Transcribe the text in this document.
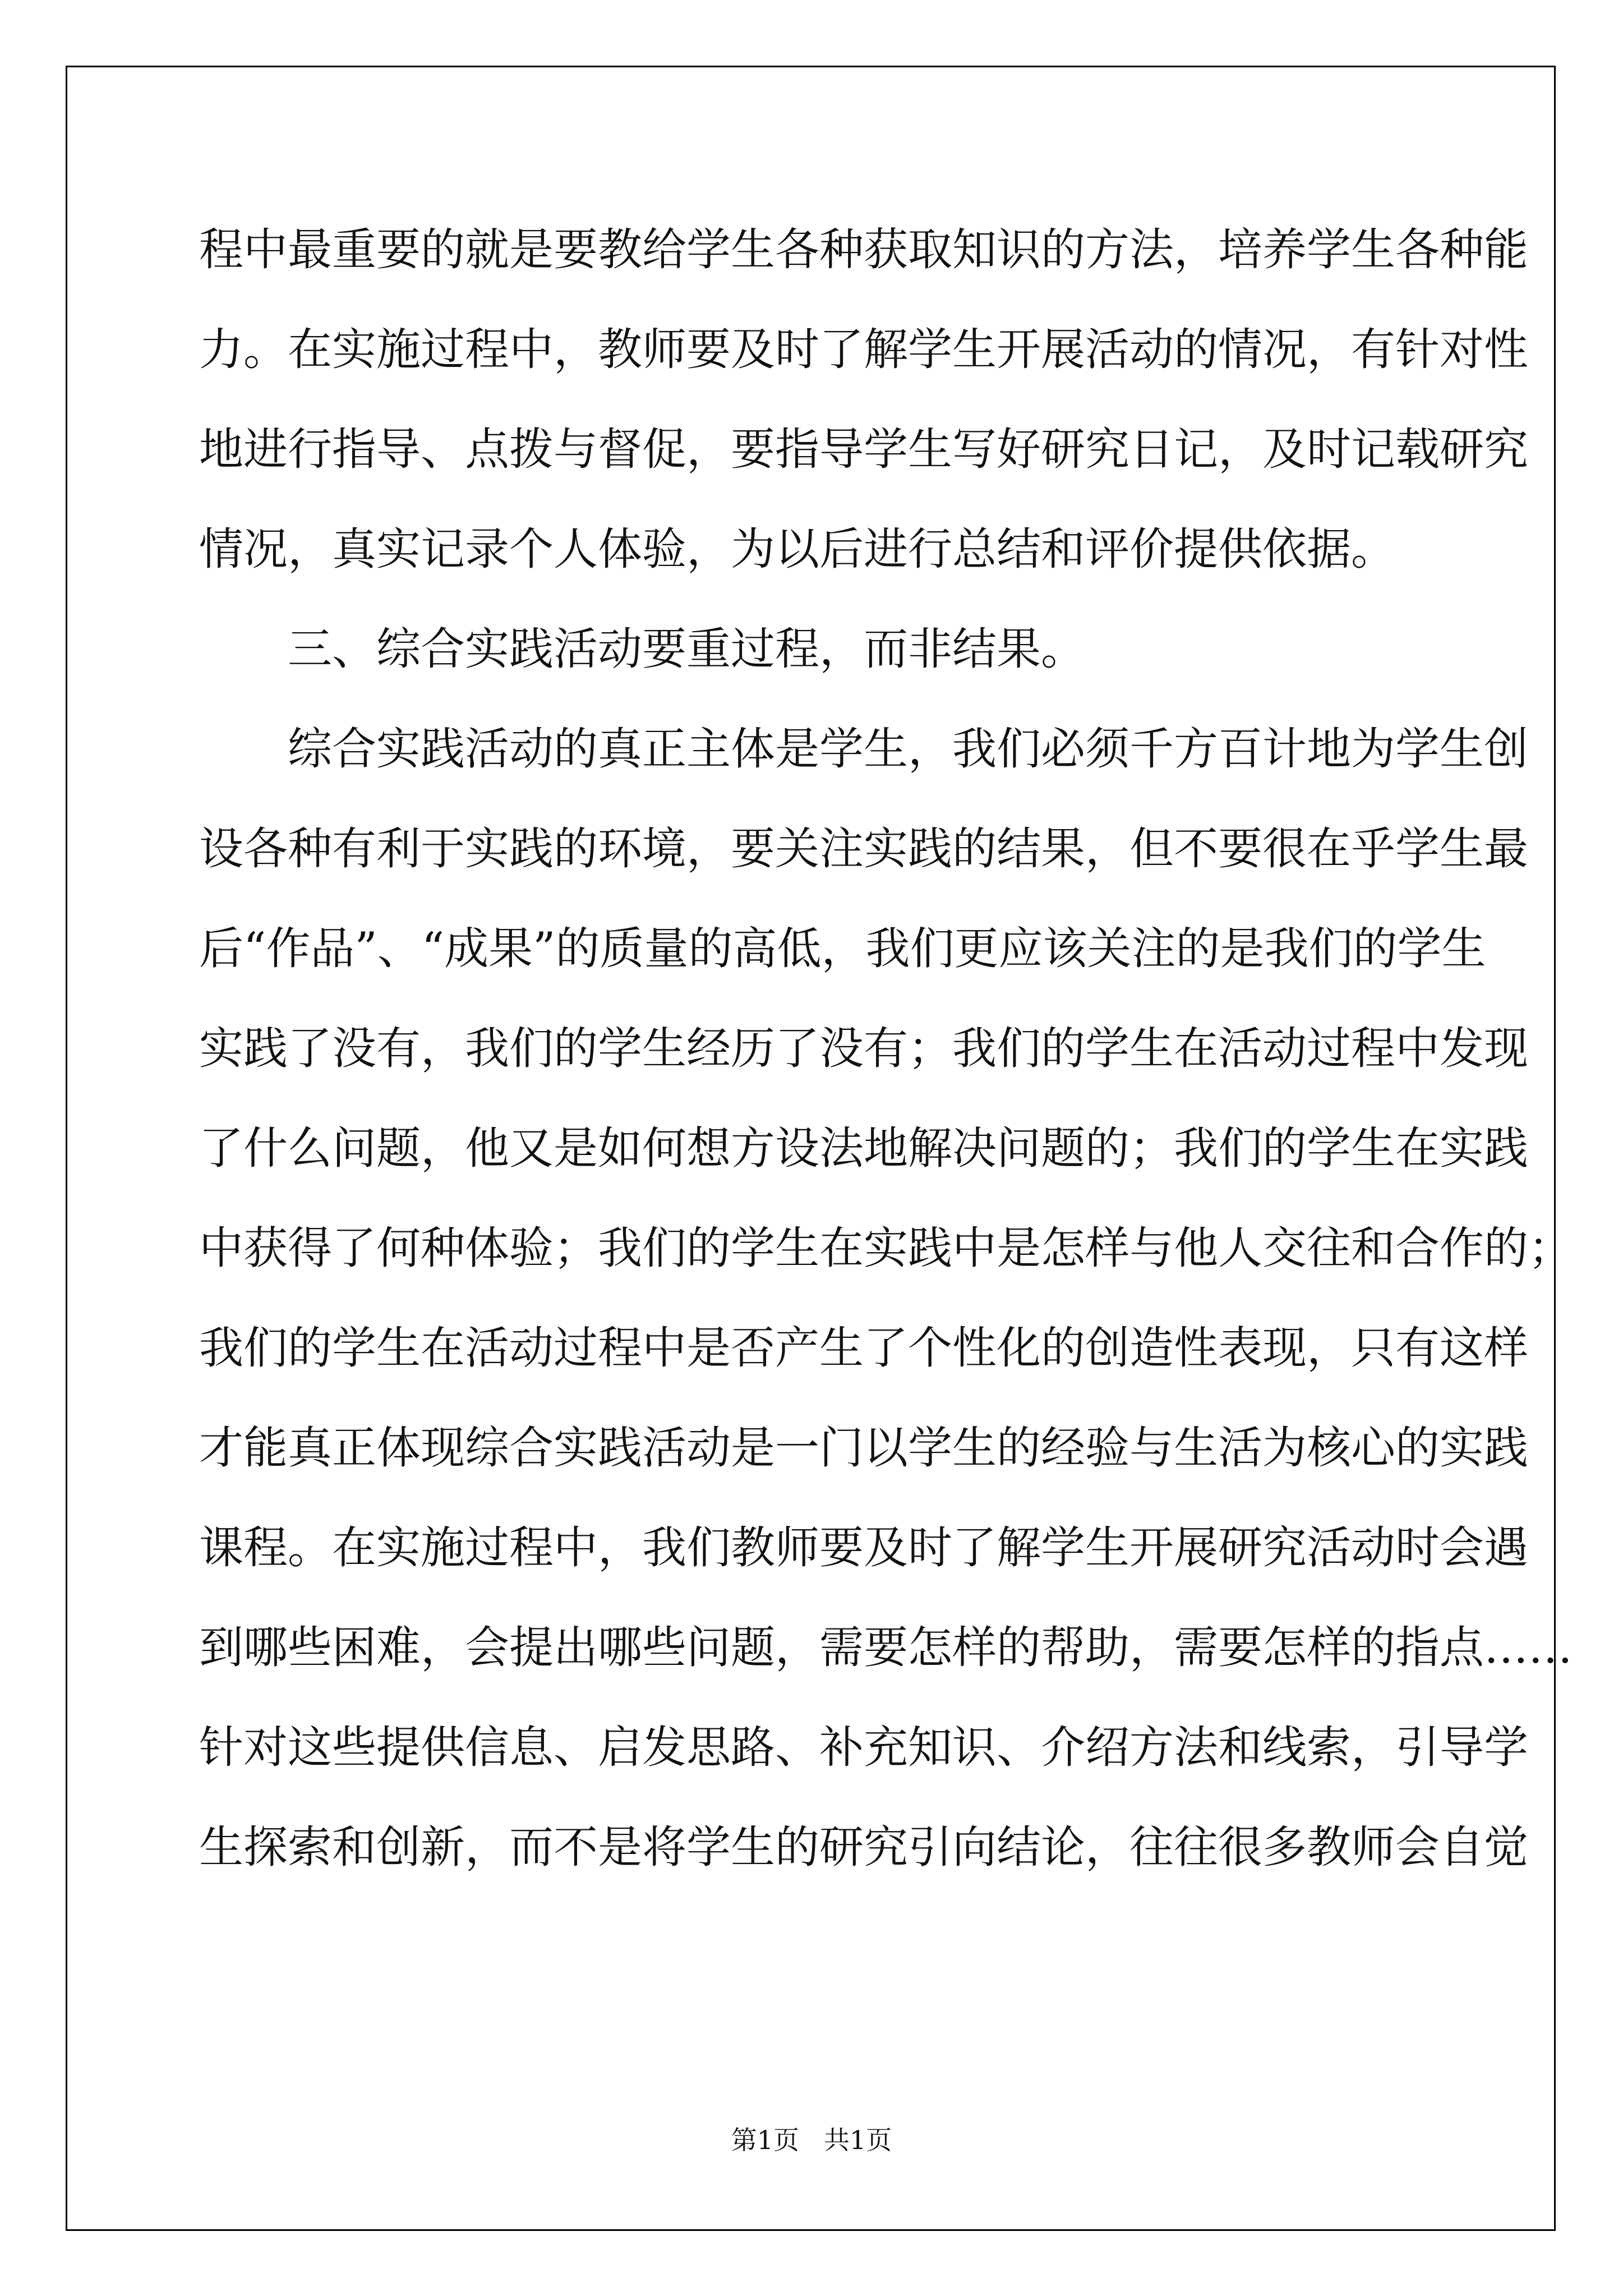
程中最重要的就是要教给学生各种获取知识的方法，培养学生各种能
力。在实施过程中，教师要及时了解学生开展活动的情况，有针对性
地进行指导、点拨与督促，要指导学生写好研究日记，及时记载研究
情况，真实记录个人体验，为以后进行总结和评价提供依据。
三、综合实践活动要重过程，而非结果。
综合实践活动的真正主体是学生，我们必须千方百计地为学生创
设各种有利于实践的环境，要关注实践的结果，但不要很在乎学生最
后“作品”、“成果”的质量的高低，我们更应该关注的是我们的学生
实践了没有，我们的学生经历了没有；我们的学生在活动过程中发现
了什么问题，他又是如何想方设法地解决问题的；我们的学生在实践
中获得了何种体验；我们的学生在实践中是怎样与他人交往和合作的；
我们的学生在活动过程中是否产生了个性化的创造性表现，只有这样
才能真正体现综合实践活动是一门以学生的经验与生活为核心的实践
课程。在实施过程中，我们教师要及时了解学生开展研究活动时会遇
到哪些困难，会提出哪些问题，需要怎样的帮助，需要怎样的指点……
针对这些提供信息、启发思路、补充知识、介绍方法和线索，引导学
生探索和创新，而不是将学生的研究引向结论，往往很多教师会自觉
第1页 共1页
